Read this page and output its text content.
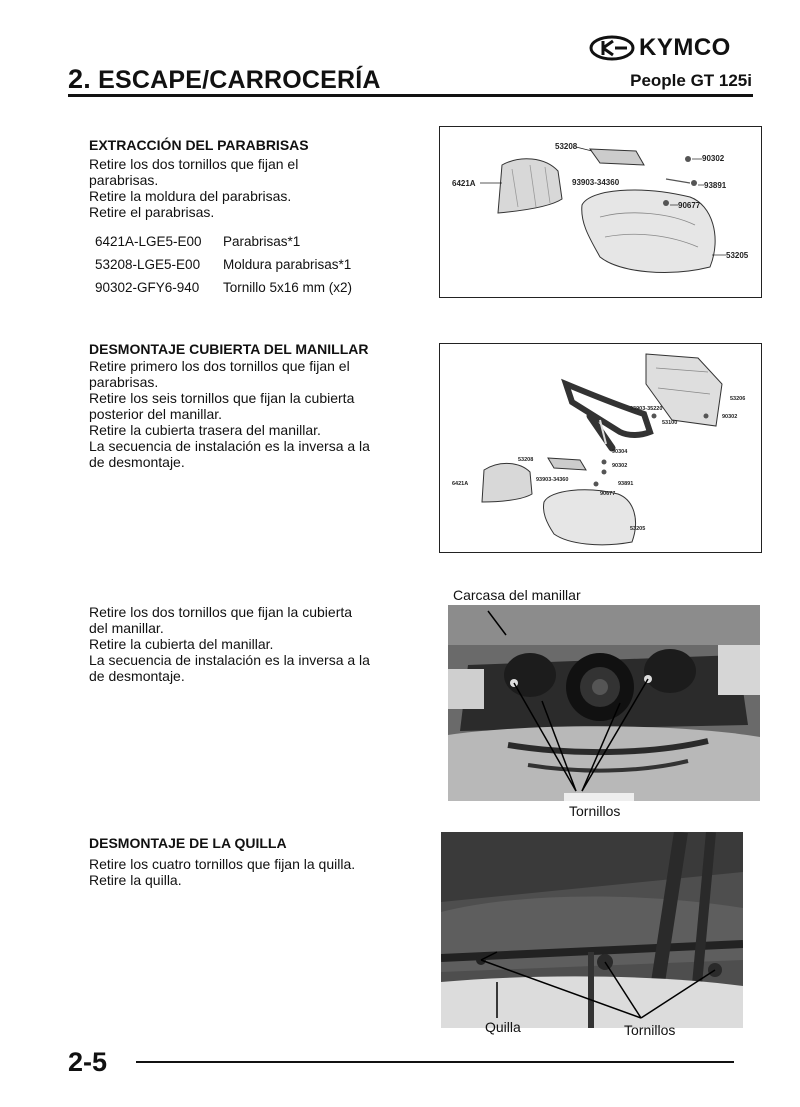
KYMCO
2. ESCAPE/CARROCERÍA	People GT 125i
EXTRACCIÓN DEL PARABRISAS
Retire los dos tornillos que fijan el
parabrisas.
Retire la moldura del parabrisas.
Retire el parabrisas.
6421A-LGE5-E00	Parabrisas*1
53208-LGE5-E00	Moldura parabrisas*1
90302-GFY6-940	Tornillo 5x16 mm (x2)
53208
90302
6421A	93903-34360	93891
90677
53205
DESMONTAJE CUBIERTA DEL MANILLAR
Retire primero los dos tornillos que fijan el
parabrisas.
Retire los seis tornillos que fijan la cubierta
posterior del manillar.
Retire la cubierta trasera del manillar.
La secuencia de instalación es la inversa a la
de desmontaje.
53206
93903-35220
90302
53100
90304
53208
90302
6421A
93903-34360
93891
90677
53205
Retire los dos tornillos que fijan la cubierta
del manillar.
Retire la cubierta del manillar.
La secuencia de instalación es la inversa a la
de desmontaje.
Carcasa del manillar
Tornillos
DESMONTAJE DE LA QUILLA
Retire los cuatro tornillos que fijan la quilla.
Retire la quilla.
Quilla	Tornillos
2-5
